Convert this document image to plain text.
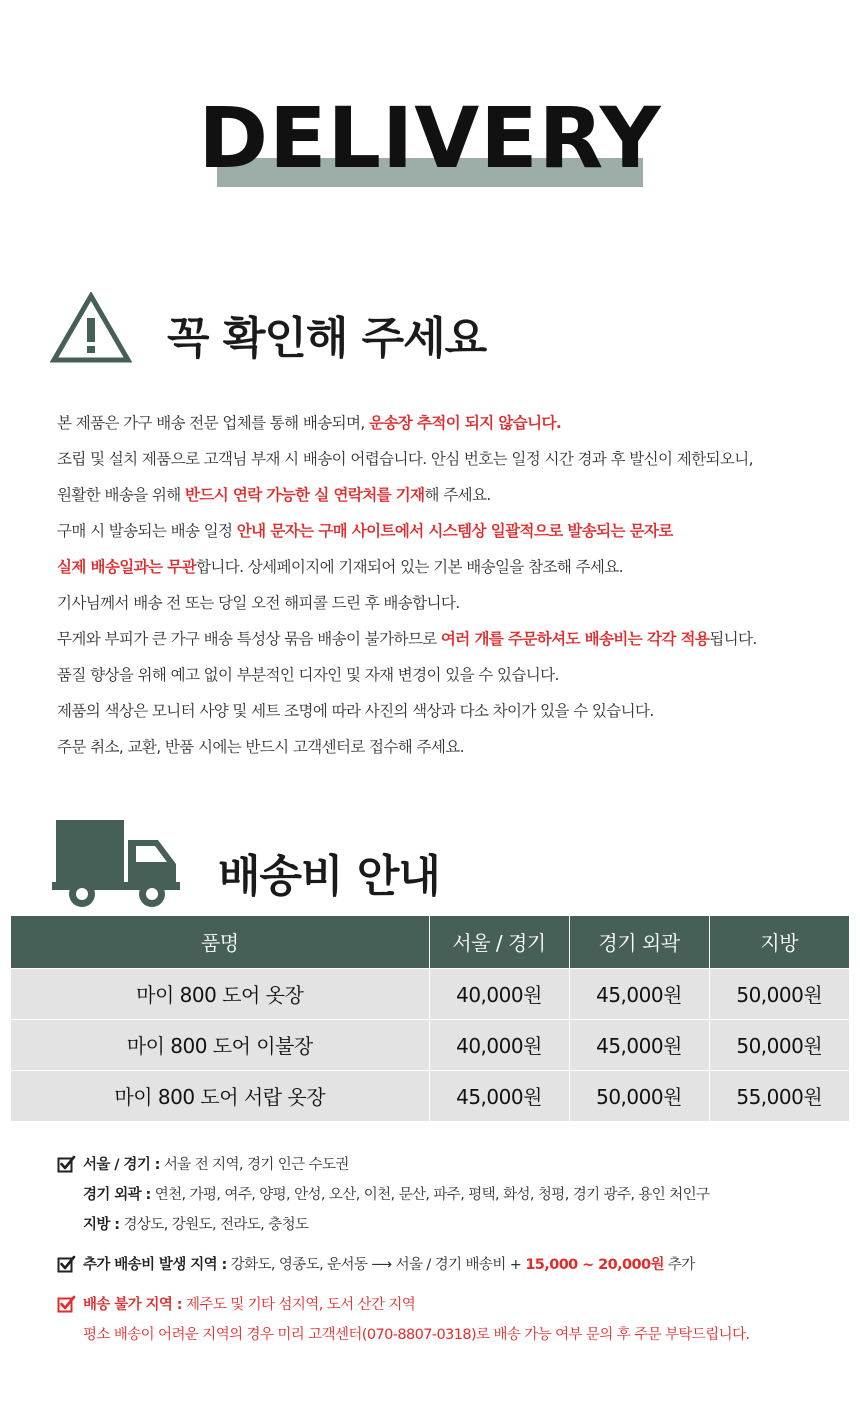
DELIVERY
꼭 확인해 주세요
본 제품은 가구 배송 전문 업체를 통해 배송되며, 운송장 추적이 되지 않습니다.
조립 및 설치 제품으로 고객님 부재 시 배송이 어렵습니다. 안심 번호는 일정 시간 경과 후 발신이 제한되오니,
원활한 배송을 위해 반드시 연락 가능한 실 연락처를 기재해 주세요.
구매 시 발송되는 배송 일정 안내 문자는 구매 사이트에서 시스템상 일괄적으로 발송되는 문자로
실제 배송일과는 무관합니다. 상세페이지에 기재되어 있는 기본 배송일을 참조해 주세요.
기사님께서 배송 전 또는 당일 오전 해피콜 드린 후 배송합니다.
무게와 부피가 큰 가구 배송 특성상 묶음 배송이 불가하므로 여러 개를 주문하셔도 배송비는 각각 적용됩니다.
품질 향상을 위해 예고 없이 부분적인 디자인 및 자재 변경이 있을 수 있습니다.
제품의 색상은 모니터 사양 및 세트 조명에 따라 사진의 색상과 다소 차이가 있을 수 있습니다.
주문 취소, 교환, 반품 시에는 반드시 고객센터로 접수해 주세요.
배송비 안내
품명	서울 / 경기	경기 외곽	지방
마이 800 도어 옷장	40,000원	45,000원	50,000원
마이 800 도어 이불장	40,000원	45,000원	50,000원
마이 800 도어 서랍 옷장	45,000원	50,000원	55,000원
서울 / 경기 : 서울 전 지역, 경기 인근 수도권
경기 외곽 : 연천, 가평, 여주, 양평, 안성, 오산, 이천, 문산, 파주, 평택, 화성, 청평, 경기 광주, 용인 처인구
지방 : 경상도, 강원도, 전라도, 충청도
추가 배송비 발생 지역 : 강화도, 영종도, 운서동 ⟶ 서울 / 경기 배송비 + 15,000 ~ 20,000원 추가
배송 불가 지역 : 제주도 및 기타 섬지역, 도서 산간 지역
평소 배송이 어려운 지역의 경우 미리 고객센터(070-8807-0318)로 배송 가능 여부 문의 후 주문 부탁드립니다.
